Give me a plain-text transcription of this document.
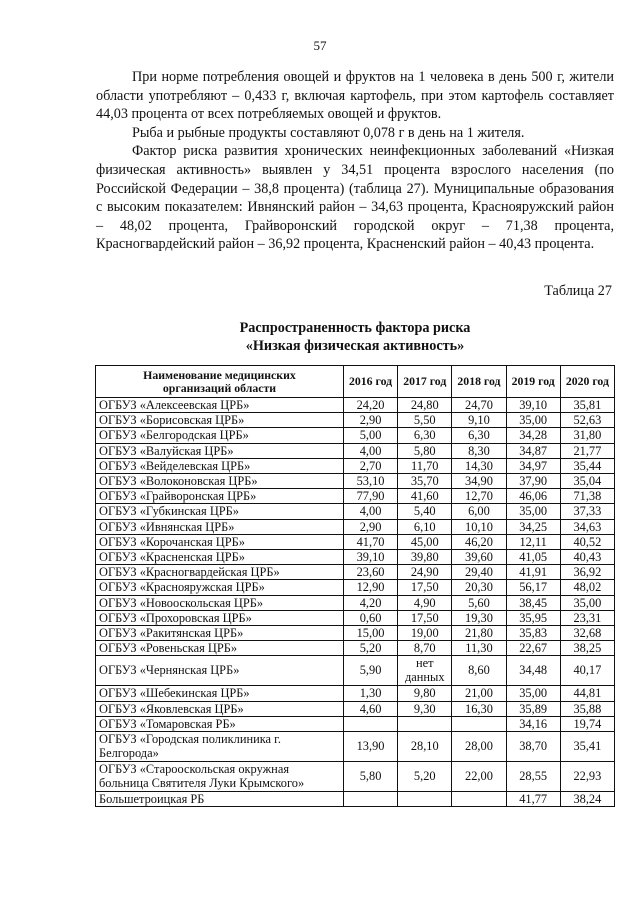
57

При норме потребления овощей и фруктов на 1 человека в день 500 г, жители области употребляют – 0,433 г, включая картофель, при этом картофель составляет 44,03 процента от всех потребляемых овощей и фруктов.

Рыба и рыбные продукты составляют 0,078 г в день на 1 жителя.

Фактор риска развития хронических неинфекционных заболеваний «Низкая физическая активность» выявлен у 34,51 процента взрослого населения (по Российской Федерации – 38,8 процента) (таблица 27). Муниципальные образования с высоким показателем: Ивнянский район – 34,63 процента, Краснояружский район – 48,02 процента, Грайворонский городской округ – 71,38 процента, Красногвардейский район – 36,92 процента, Красненский район – 40,43 процента.

Таблица 27
Распространенность фактора риска
«Низкая физическая активность»
Наименование медицинских
организаций области	2016 год	2017 год	2018 год	2019 год	2020 год
ОГБУЗ «Алексеевская ЦРБ»	24,20	24,80	24,70	39,10	35,81
ОГБУЗ «Борисовская ЦРБ»	2,90	5,50	9,10	35,00	52,63
ОГБУЗ «Белгородская ЦРБ»	5,00	6,30	6,30	34,28	31,80
ОГБУЗ «Валуйская ЦРБ»	4,00	5,80	8,30	34,87	21,77
ОГБУЗ «Вейделевская ЦРБ»	2,70	11,70	14,30	34,97	35,44
ОГБУЗ «Волоконовская ЦРБ»	53,10	35,70	34,90	37,90	35,04
ОГБУЗ «Грайворонская ЦРБ»	77,90	41,60	12,70	46,06	71,38
ОГБУЗ «Губкинская ЦРБ»	4,00	5,40	6,00	35,00	37,33
ОГБУЗ «Ивнянская ЦРБ»	2,90	6,10	10,10	34,25	34,63
ОГБУЗ «Корочанская ЦРБ»	41,70	45,00	46,20	12,11	40,52
ОГБУЗ «Красненская ЦРБ»	39,10	39,80	39,60	41,05	40,43
ОГБУЗ «Красногвардейская ЦРБ»	23,60	24,90	29,40	41,91	36,92
ОГБУЗ «Краснояружская ЦРБ»	12,90	17,50	20,30	56,17	48,02
ОГБУЗ «Новооскольская ЦРБ»	4,20	4,90	5,60	38,45	35,00
ОГБУЗ «Прохоровская ЦРБ»	0,60	17,50	19,30	35,95	23,31
ОГБУЗ «Ракитянская ЦРБ»	15,00	19,00	21,80	35,83	32,68
ОГБУЗ «Ровеньская ЦРБ»	5,20	8,70	11,30	22,67	38,25
ОГБУЗ «Чернянская ЦРБ»	5,90	нет данных	8,60	34,48	40,17
ОГБУЗ «Шебекинская ЦРБ»	1,30	9,80	21,00	35,00	44,81
ОГБУЗ «Яковлевская ЦРБ»	4,60	9,30	16,30	35,89	35,88
ОГБУЗ «Томаровская РБ»				34,16	19,74
ОГБУЗ «Городская поликлиника г. Белгорода»	13,90	28,10	28,00	38,70	35,41
ОГБУЗ «Старооскольская окружная больница Святителя Луки Крымского»	5,80	5,20	22,00	28,55	22,93
Большетроицкая РБ				41,77	38,24
